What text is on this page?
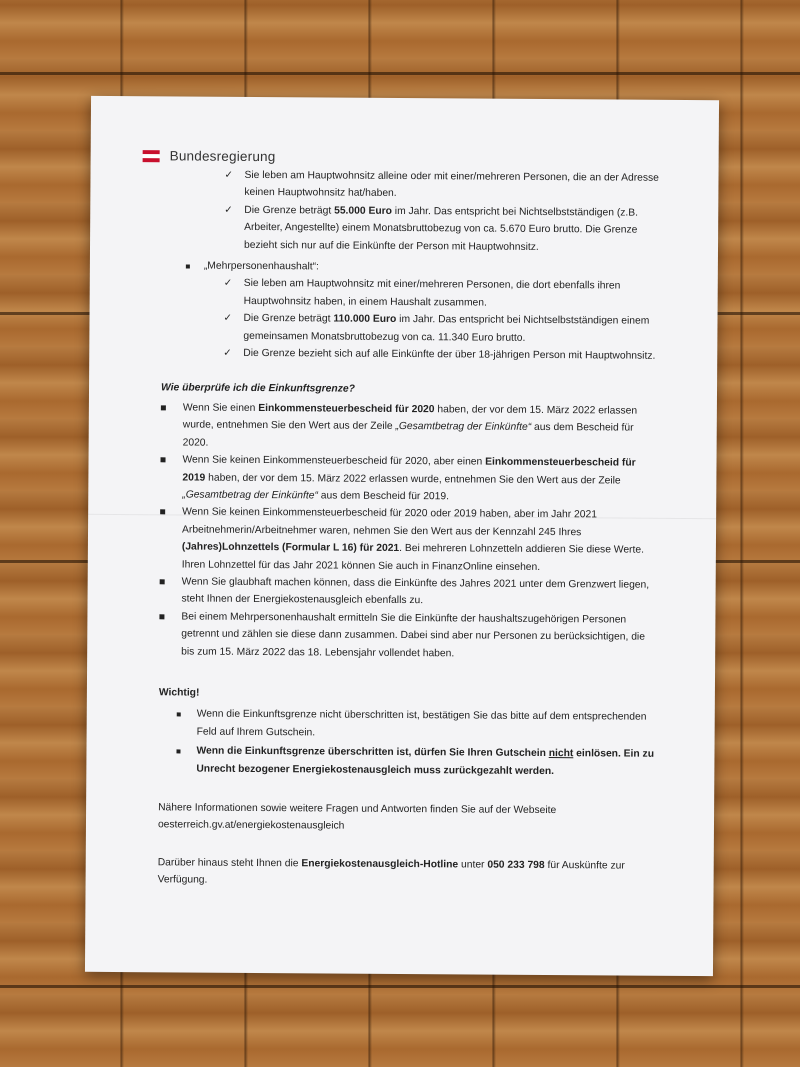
Bundesregierung
✓	Sie leben am Hauptwohnsitz alleine oder mit einer/mehreren Personen, die an der Adresse keinen Hauptwohnsitz hat/haben.
✓	Die Grenze beträgt 55.000 Euro im Jahr. Das entspricht bei Nichtselbstständigen (z.B. Arbeiter, Angestellte) einem Monatsbruttobezug von ca. 5.670 Euro brutto. Die Grenze bezieht sich nur auf die Einkünfte der Person mit Hauptwohnsitz.
„Mehrpersonenhaushalt“:
✓	Sie leben am Hauptwohnsitz mit einer/mehreren Personen, die dort ebenfalls ihren Hauptwohnsitz haben, in einem Haushalt zusammen.
✓	Die Grenze beträgt 110.000 Euro im Jahr. Das entspricht bei Nichtselbstständigen einem gemeinsamen Monatsbruttobezug von ca. 11.340 Euro brutto.
✓	Die Grenze bezieht sich auf alle Einkünfte der über 18-jährigen Person mit Hauptwohnsitz.
Wie überprüfe ich die Einkunftsgrenze?
Wenn Sie einen Einkommensteuerbescheid für 2020 haben, der vor dem 15. März 2022 erlassen wurde, entnehmen Sie den Wert aus der Zeile „Gesamtbetrag der Einkünfte“ aus dem Bescheid für 2020.
Wenn Sie keinen Einkommensteuerbescheid für 2020, aber einen Einkommensteuerbescheid für 2019 haben, der vor dem 15. März 2022 erlassen wurde, entnehmen Sie den Wert aus der Zeile „Gesamtbetrag der Einkünfte“ aus dem Bescheid für 2019.
Wenn Sie keinen Einkommensteuerbescheid für 2020 oder 2019 haben, aber im Jahr 2021 Arbeitnehmerin/Arbeitnehmer waren, nehmen Sie den Wert aus der Kennzahl 245 Ihres (Jahres)Lohnzettels (Formular L 16) für 2021. Bei mehreren Lohnzetteln addieren Sie diese Werte. Ihren Lohnzettel für das Jahr 2021 können Sie auch in FinanzOnline einsehen.
Wenn Sie glaubhaft machen können, dass die Einkünfte des Jahres 2021 unter dem Grenzwert liegen, steht Ihnen der Energiekostenausgleich ebenfalls zu.
Bei einem Mehrpersonenhaushalt ermitteln Sie die Einkünfte der haushaltszugehörigen Personen getrennt und zählen sie diese dann zusammen. Dabei sind aber nur Personen zu berücksichtigen, die bis zum 15. März 2022 das 18. Lebensjahr vollendet haben.
Wichtig!
Wenn die Einkunftsgrenze nicht überschritten ist, bestätigen Sie das bitte auf dem entsprechenden Feld auf Ihrem Gutschein.
Wenn die Einkunftsgrenze überschritten ist, dürfen Sie Ihren Gutschein nicht einlösen. Ein zu Unrecht bezogener Energiekostenausgleich muss zurückgezahlt werden.
Nähere Informationen sowie weitere Fragen und Antworten finden Sie auf der Webseite
oesterreich.gv.at/energiekostenausgleich
Darüber hinaus steht Ihnen die Energiekostenausgleich-Hotline unter 050 233 798 für Auskünfte zur Verfügung.
